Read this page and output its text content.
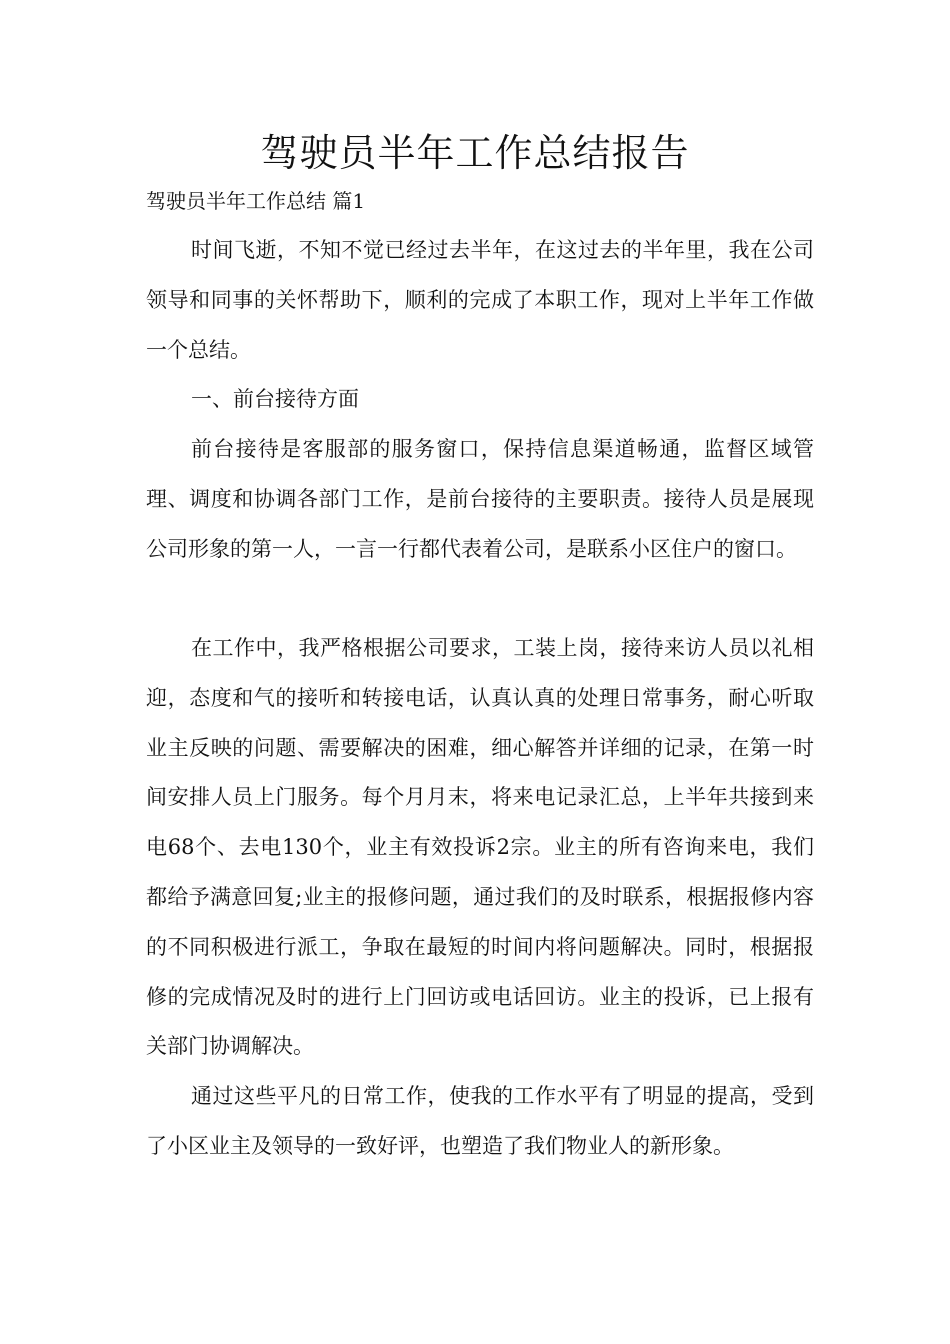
驾驶员半年工作总结报告

驾驶员半年工作总结 篇1

时间飞逝，不知不觉已经过去半年，在这过去的半年里，我在公司领导和同事的关怀帮助下，顺利的完成了本职工作，现对上半年工作做一个总结。

一、前台接待方面

前台接待是客服部的服务窗口，保持信息渠道畅通，监督区域管理、调度和协调各部门工作，是前台接待的主要职责。接待人员是展现公司形象的第一人，一言一行都代表着公司，是联系小区住户的窗口。

在工作中，我严格根据公司要求，工装上岗，接待来访人员以礼相迎，态度和气的接听和转接电话，认真认真的处理日常事务，耐心听取业主反映的问题、需要解决的困难，细心解答并详细的记录，在第一时间安排人员上门服务。每个月月末，将来电记录汇总，上半年共接到来电68个、去电130个，业主有效投诉2宗。业主的所有咨询来电，我们都给予满意回复;业主的报修问题，通过我们的及时联系，根据报修内容的不同积极进行派工，争取在最短的时间内将问题解决。同时，根据报修的完成情况及时的进行上门回访或电话回访。业主的投诉，已上报有关部门协调解决。

通过这些平凡的日常工作，使我的工作水平有了明显的提高，受到了小区业主及领导的一致好评，也塑造了我们物业人的新形象。
